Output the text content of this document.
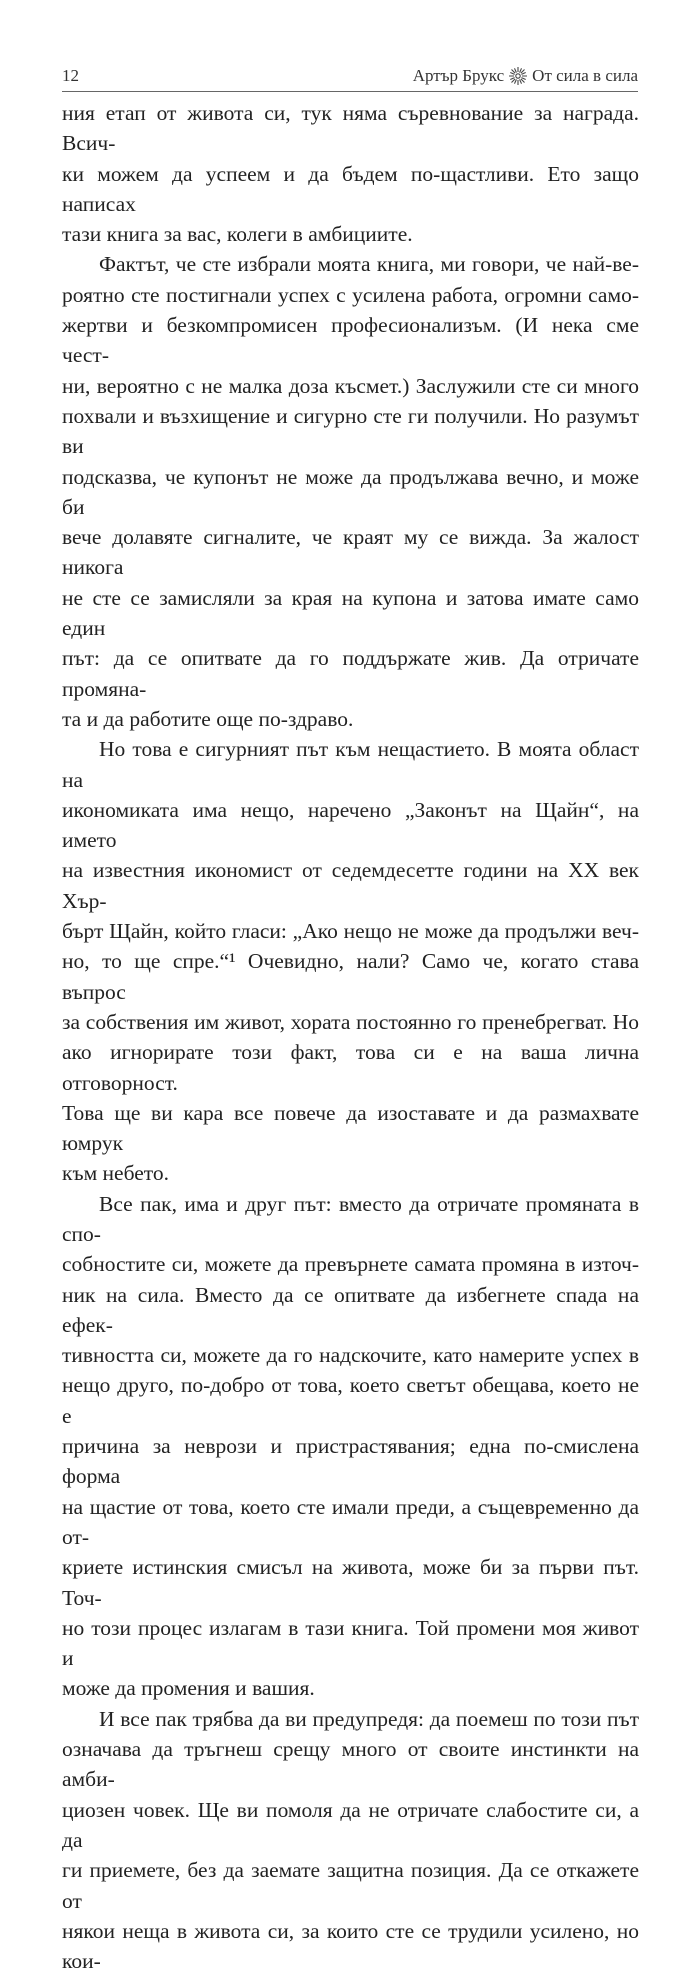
12	Артър Брукс От сила в сила

ния етап от живота си, тук няма съревнование за награда. Всич-

ки можем да успеем и да бъдем по-щастливи. Ето защо написах

тази книга за вас, колеги в амбициите.

Фактът, че сте избрали моята книга, ми говори, че най-ве-

роятно сте постигнали успех с усилена работа, огромни само-

жертви и безкомпромисен професионализъм. (И нека сме чест-

ни, вероятно с не малка доза късмет.) Заслужили сте си много

похвали и възхищение и сигурно сте ги получили. Но разумът ви

подсказва, че купонът не може да продължава вечно, и може би

вече долавяте сигналите, че краят му се вижда. За жалост никога

не сте се замисляли за края на купона и затова имате само един

път: да се опитвате да го поддържате жив. Да отричате промяна-

та и да работите още по-здраво.

Но това е сигурният път към нещастието. В моята област на

икономиката има нещо, наречено „Законът на Щайн“, на името

на известния икономист от седемдесетте години на XX век Хър-

бърт Щайн, който гласи: „Ако нещо не може да продължи веч-

но, то ще спре.“¹ Очевидно, нали? Само че, когато става въпрос

за собствения им живот, хората постоянно го пренебрегват. Но

ако игнорирате този факт, това си е на ваша лична отговорност.

Това ще ви кара все повече да изоставате и да размахвате юмрук

към небето.

Все пак, има и друг път: вместо да отричате промяната в спо-

собностите си, можете да превърнете самата промяна в източ-

ник на сила. Вместо да се опитвате да избегнете спада на ефек-

тивността си, можете да го надскочите, като намерите успех в

нещо друго, по-добро от това, което светът обещава, което не е

причина за неврози и пристрастявания; една по-смислена форма

на щастие от това, което сте имали преди, а същевременно да от-

криете истинския смисъл на живота, може би за първи път. Точ-

но този процес излагам в тази книга. Той промени моя живот и

може да промения и вашия.

И все пак трябва да ви предупредя: да поемеш по този път

означава да тръгнеш срещу много от своите инстинкти на амби-

циозен човек. Ще ви помоля да не отричате слабостите си, а да

ги приемете, без да заемате защитна позиция. Да се откажете от

някои неща в живота си, за които сте се трудили усилено, но кои-
